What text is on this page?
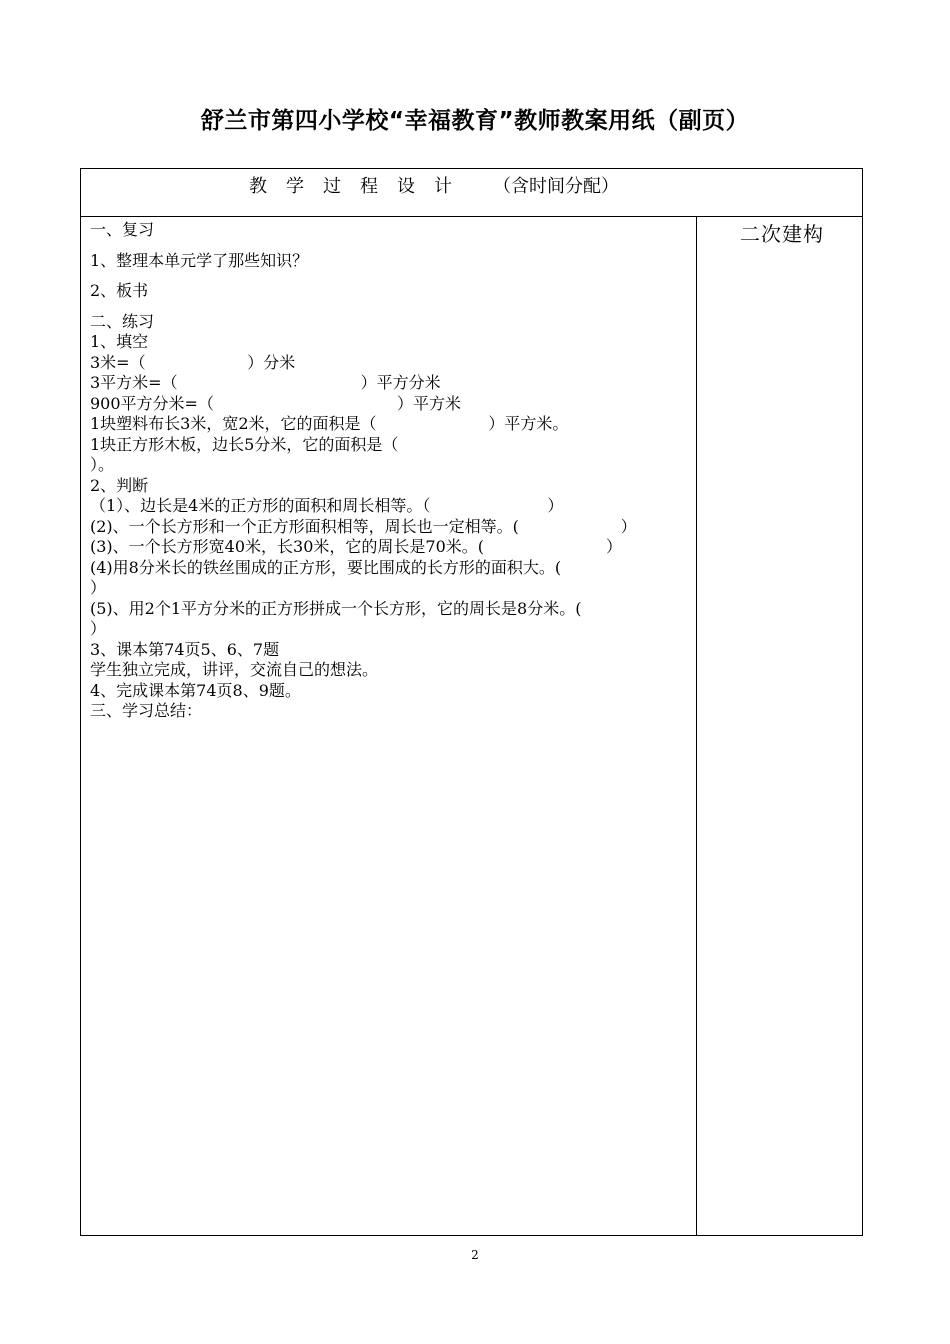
舒兰市第四小学校“幸福教育”教师教案用纸（副页）
教学过程设计 （含时间分配）
二次建构
一、复习
1、整理本单元学了那些知识？
2、板书
二、练习
1、填空
3米=（                    ）分米
3平方米=（                                    ）平方分米
900平方分米=（                                    ）平方米
1块塑料布长3米，宽2米，它的面积是（                      ）平方米。
1块正方形木板，边长5分米，它的面积是（
）。
2、判断
（1）、边长是4米的正方形的面积和周长相等。（                       ）
(2)、一个长方形和一个正方形面积相等，周长也一定相等。(                    ）
(3)、一个长方形宽40米，长30米，它的周长是70米。(                        ）
(4)用8分米长的铁丝围成的正方形，要比围成的长方形的面积大。(
）
(5)、用2个1平方分米的正方形拼成一个长方形，它的周长是8分米。(
）
3、课本第74页5、6、7题
学生独立完成，讲评，交流自己的想法。
4、完成课本第74页8、9题。
三、学习总结：
2
